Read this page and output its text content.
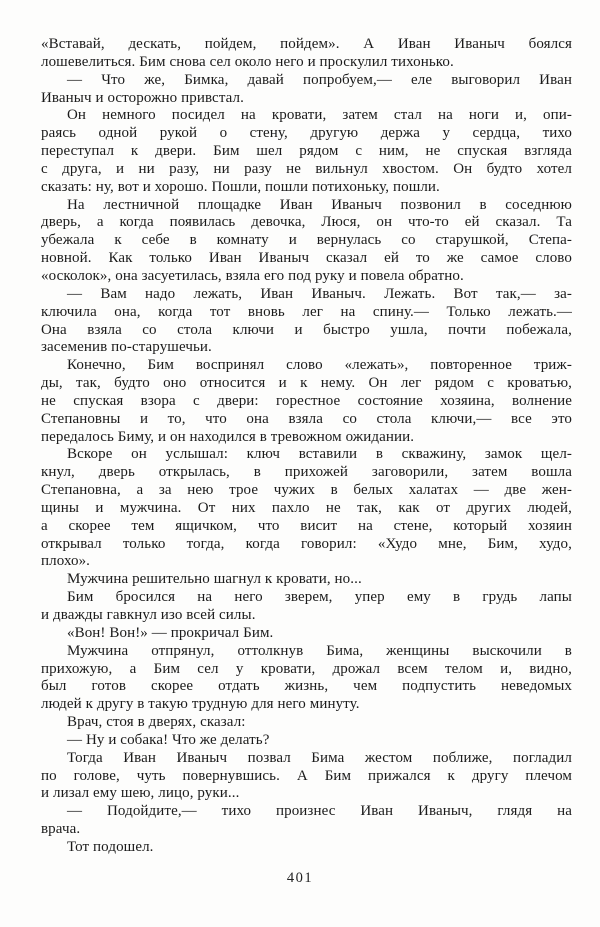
«Вставай, дескать, пойдем, пойдем». А Иван Иваныч боялся
лошевелиться. Бим снова сел около него и проскулил тихонько.
— Что же, Бимка, давай попробуем,— еле выговорил Иван
Иваныч и осторожно привстал.
Он немного посидел на кровати, затем стал на ноги и, опи-
раясь одной рукой о стену, другую держа у сердца, тихо
переступал к двери. Бим шел рядом с ним, не спуская взгляда
с друга, и ни разу, ни разу не вильнул хвостом. Он будто хотел
сказать: ну, вот и хорошо. Пошли, пошли потихоньку, пошли.
На лестничной площадке Иван Иваныч позвонил в соседнюю
дверь, а когда появилась девочка, Люся, он что-то ей сказал. Та
убежала к себе в комнату и вернулась со старушкой, Степа-
новной. Как только Иван Иваныч сказал ей то же самое слово
«осколок», она засуетилась, взяла его под руку и повела обратно.
— Вам надо лежать, Иван Иваныч. Лежать. Вот так,— за-
ключила она, когда тот вновь лег на спину.— Только лежать.—
Она взяла со стола ключи и быстро ушла, почти побежала,
засеменив по-старушечьи.
Конечно, Бим воспринял слово «лежать», повторенное триж-
ды, так, будто оно относится и к нему. Он лег рядом с кроватью,
не спуская взора с двери: горестное состояние хозяина, волнение
Степановны и то, что она взяла со стола ключи,— все это
передалось Биму, и он находился в тревожном ожидании.
Вскоре он услышал: ключ вставили в скважину, замок щел-
кнул, дверь открылась, в прихожей заговорили, затем вошла
Степановна, а за нею трое чужих в белых халатах — две жен-
щины и мужчина. От них пахло не так, как от других людей,
а скорее тем ящичком, что висит на стене, который хозяин
открывал только тогда, когда говорил: «Худо мне, Бим, худо,
плохо».
Мужчина решительно шагнул к кровати, но...
Бим бросился на него зверем, упер ему в грудь лапы
и дважды гавкнул изо всей силы.
«Вон! Вон!» — прокричал Бим.
Мужчина отпрянул, оттолкнув Бима, женщины выскочили в
прихожую, а Бим сел у кровати, дрожал всем телом и, видно,
был готов скорее отдать жизнь, чем подпустить неведомых
людей к другу в такую трудную для него минуту.
Врач, стоя в дверях, сказал:
— Ну и собака! Что же делать?
Тогда Иван Иваныч позвал Бима жестом поближе, погладил
по голове, чуть повернувшись. А Бим прижался к другу плечом
и лизал ему шею, лицо, руки...
— Подойдите,— тихо произнес Иван Иваныч, глядя на
врача.
Тот подошел.
401
